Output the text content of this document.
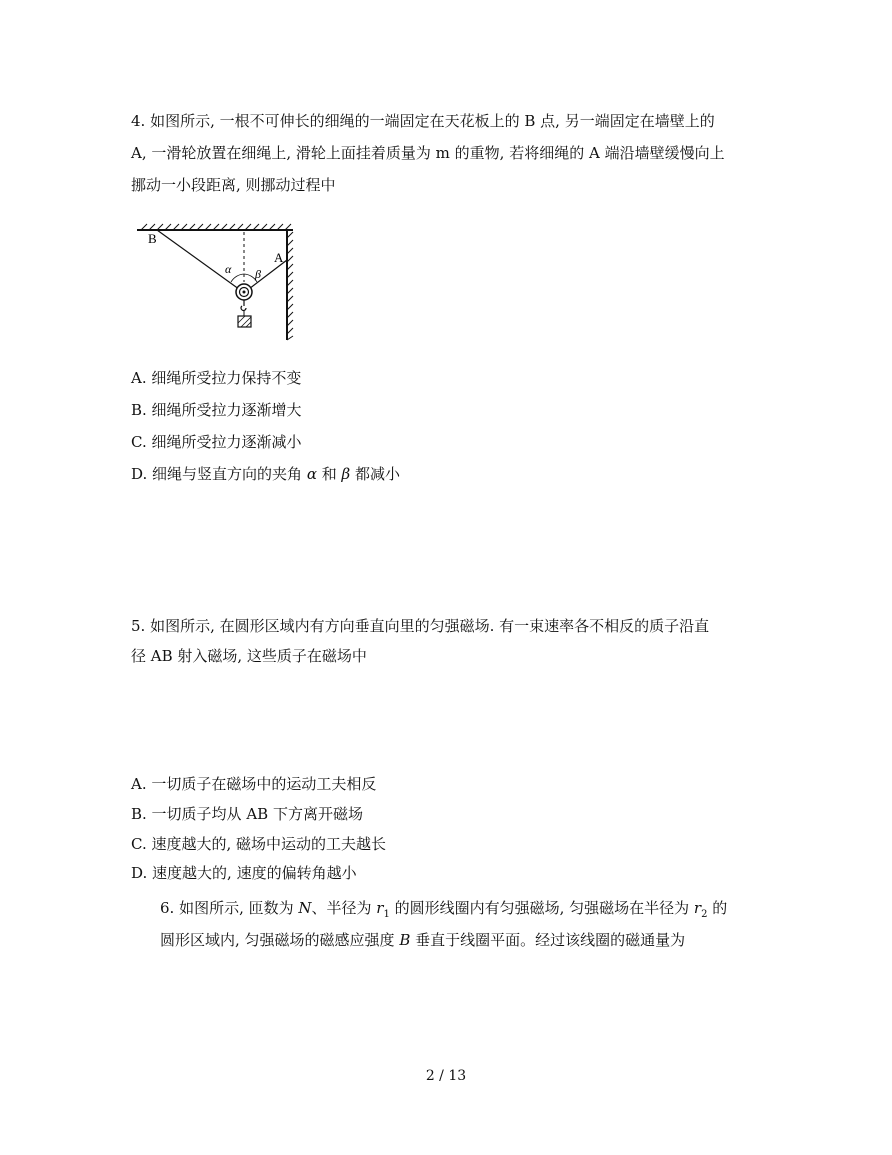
4. 如图所示, 一根不可伸长的细绳的一端固定在天花板上的 B 点, 另一端固定在墙壁上的
A, 一滑轮放置在细绳上, 滑轮上面挂着质量为 m 的重物, 若将细绳的 A 端沿墙壁缓慢向上
挪动一小段距离, 则挪动过程中
B
A
α β
A. 细绳所受拉力保持不变
B. 细绳所受拉力逐渐增大
C. 细绳所受拉力逐渐减小
D. 细绳与竖直方向的夹角 α 和 β 都减小
5. 如图所示, 在圆形区域内有方向垂直向里的匀强磁场. 有一束速率各不相反的质子沿直
径 AB 射入磁场, 这些质子在磁场中
A. 一切质子在磁场中的运动工夫相反
B. 一切质子均从 AB 下方离开磁场
C. 速度越大的, 磁场中运动的工夫越长
D. 速度越大的, 速度的偏转角越小
6. 如图所示, 匝数为 N、半径为 $r_1$ 的圆形线圈内有匀强磁场, 匀强磁场在半径为 $r_2$ 的
圆形区域内, 匀强磁场的磁感应强度 B 垂直于线圈平面。经过该线圈的磁通量为
2 / 13
